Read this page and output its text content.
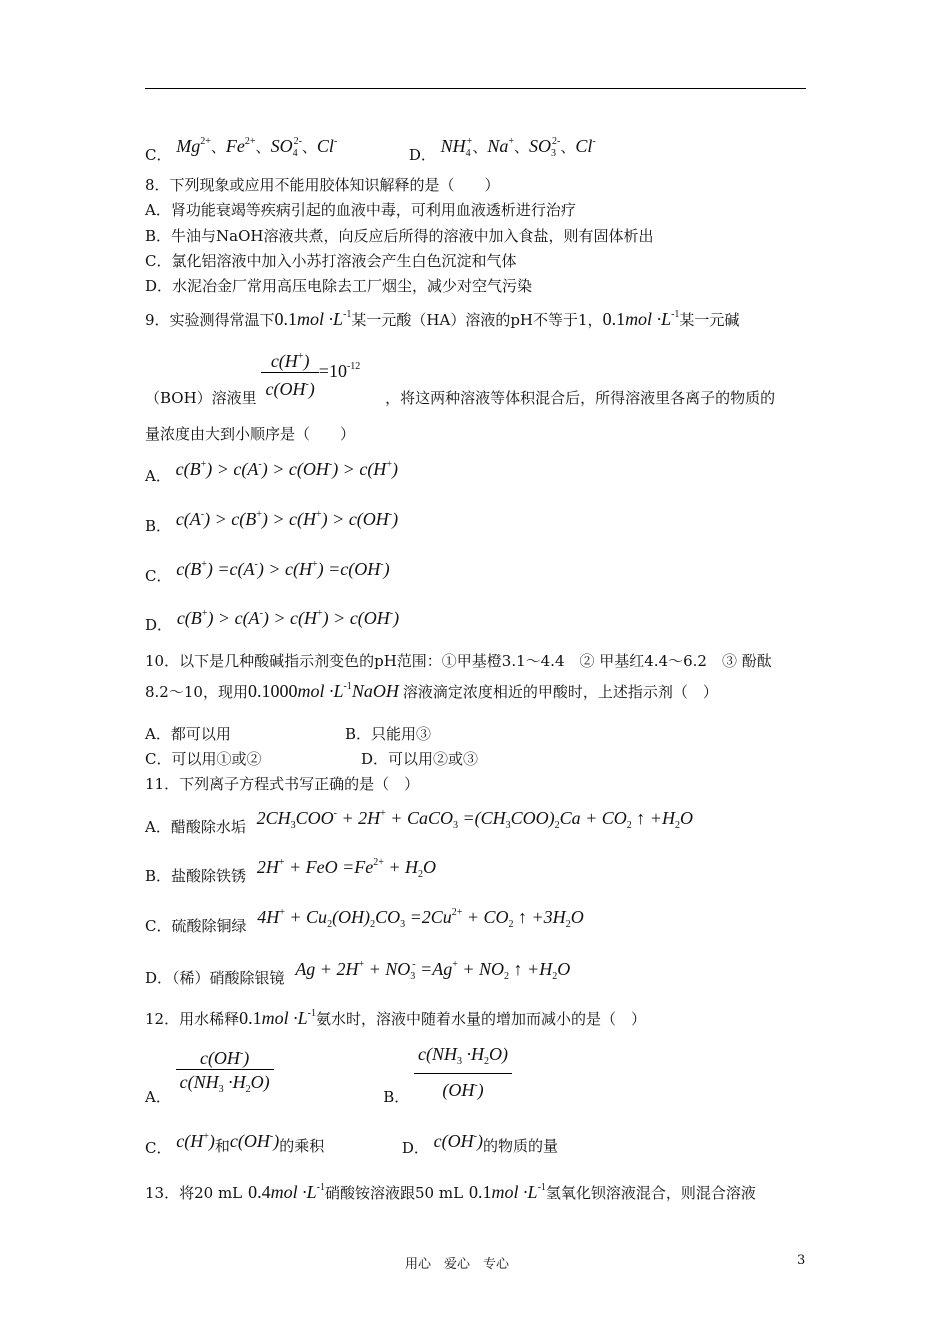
C． $Mg^{2+}$、$Fe^{2+}$、$SO_4^{2-}$、Cl-  D． $NH_4^+$、Na+、$SO_3^{2-}$、Cl-
8．下列现象或应用不能用胶体知识解释的是（　　）
A．肾功能衰竭等疾病引起的血液中毒，可利用血液透析进行治疗
B．牛油与NaOH溶液共煮，向反应后所得的溶液中加入食盐，则有固体析出
C．氯化铝溶液中加入小苏打溶液会产生白色沉淀和气体
D．水泥冶金厂常用高压电除去工厂烟尘，减少对空气污染
9．实验测得常温下$0.1mol \cdot L^{-1}$某一元酸（HA）溶液的pH不等于1，$0.1mol \cdot L^{-1}$某一元碱
（BOH）溶液里 $\frac{c(H^+)}{c(OH^-)} =10^{-12}$ ，将这两种溶液等体积混合后，所得溶液里各离子的物质的
量浓度由大到小顺序是（　　）
A． c(B+) > c(A-) > c(OH-) > c(H+)
B． c(A-) > c(B+) > c(H+) > c(OH-)
C． c(B+) =c(A-) > c(H+) =c(OH-)
D． c(B+) > c(A-) > c(H+) > c(OH-)
10．以下是几种酸碱指示剂变色的pH范围：①甲基橙3.1～4.4　② 甲基红4.4～6.2　③ 酚酞
8.2～10，现用$0.1000mol \cdot L^{-1}NaOH$ 溶液滴定浓度相近的甲酸时，上述指示剂（　）
A．都可以用	B．只能用③
C．可以用①或②	D．可以用②或③
11．下列离子方程式书写正确的是（　）
A．醋酸除水垢 $2CH_3COO^- + 2H^+$ + CaCO$_3$ $=(CH_3COO)_2Ca + CO_2$ ↑ $+H_2O$
B．盐酸除铁锈 2H+ + FeO $=Fe^{2+} + H_2O$
C．硫酸除铜绿 $4H^+ + Cu_2(OH)_2CO_3 =2Cu^{2+} + CO_2$ ↑ $+3H_2O$
D．（稀）硝酸除银镜 $Ag + 2H^+ + NO_3^- =Ag^+ + NO_2$ ↑ $+H_2O$
12．用水稀释$0.1mol \cdot L^{-1}$氨水时，溶液中随着水量的增加而减小的是（　）
A． $\frac{c(OH^-)}{c(NH_3 \cdot H_2O)}$	B． $\frac{c(NH_3 \cdot H_2O)}{(OH^-)}$
C． c(H+)和c(OH-)的乘积	D． c(OH-)的物质的量
13．将20 mL $0.4mol \cdot L^{-1}$硝酸铵溶液跟50 mL $0.1mol \cdot L^{-1}$氢氧化钡溶液混合，则混合溶液
用心　爱心　专心	3
